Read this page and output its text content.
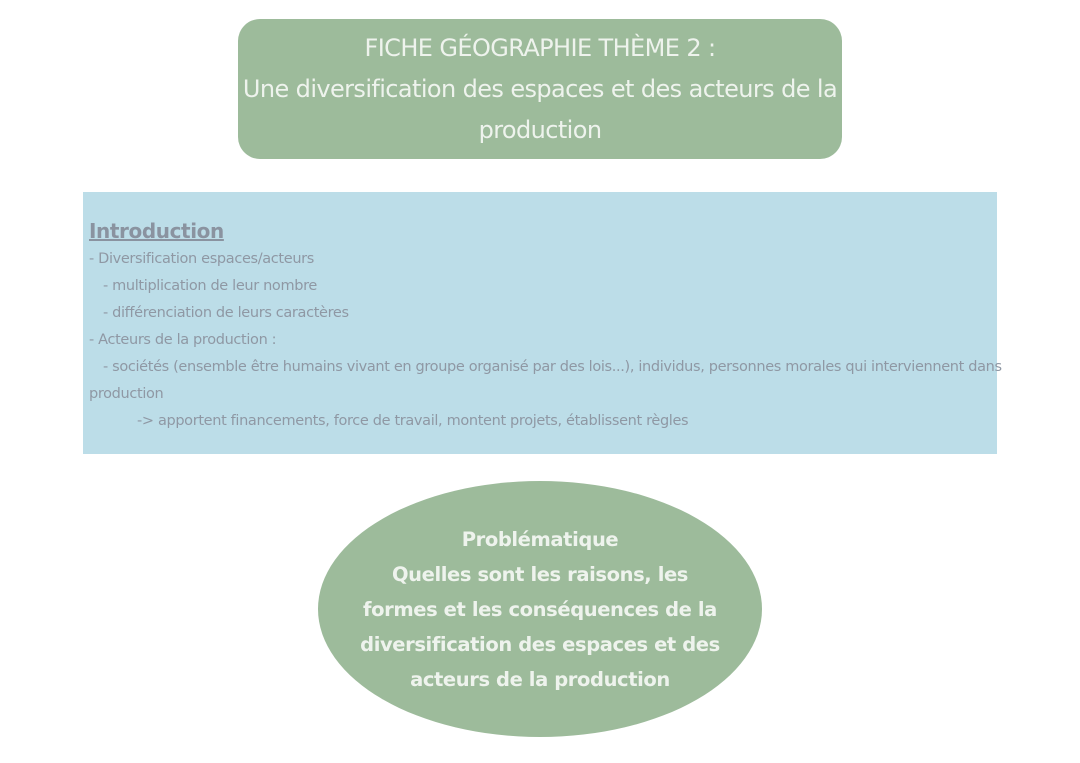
FICHE GÉOGRAPHIE THÈME 2 :
Une diversification des espaces et des acteurs de la
production
Introduction
- Diversification espaces/acteurs
- multiplication de leur nombre
- différenciation de leurs caractères
- Acteurs de la production :
- sociétés (ensemble être humains vivant en groupe organisé par des lois...), individus, personnes morales qui interviennent dans
production
-> apportent financements, force de travail, montent projets, établissent règles
Problématique
Quelles sont les raisons, les
formes et les conséquences de la
diversification des espaces et des
acteurs de la production
